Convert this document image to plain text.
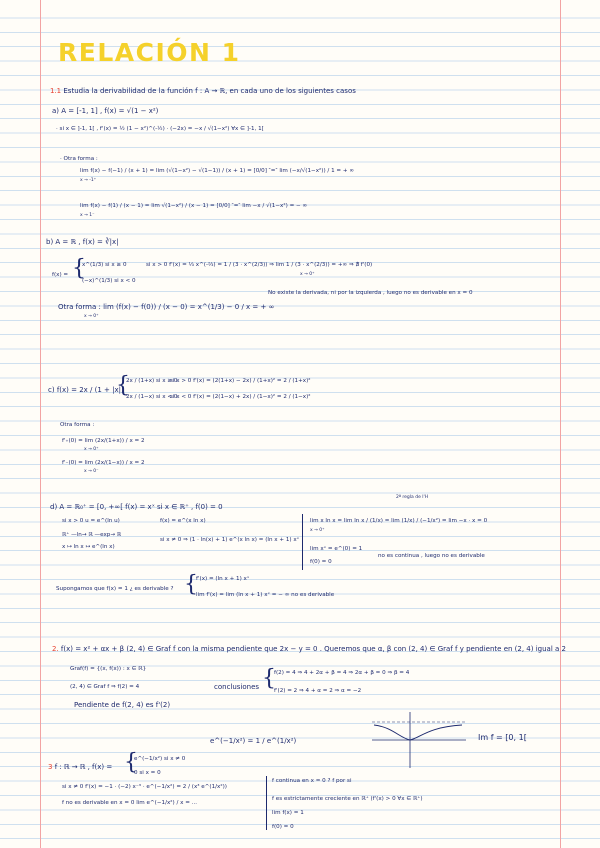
RELACIÓN 1
1.1 Estudia la derivabilidad de la función f : A → ℝ, en cada uno de los siguientes casos
a) A = [-1, 1] , f(x) = √(1 − x²)
· si x ∈ ]-1, 1[ , f'(x) = ½ (1 − x²)^(-½) · (−2x) = −x / √(1−x²) ∀x ∈ ]-1, 1[
· Otra forma :
lim f(x) − f(−1) / (x + 1) = lim (√(1−x²) − √(1−1)) / (x + 1) = [0/0] ″=″ lim (−x/√(1−x²)) / 1 = + ∞
x → -1⁺
lim f(x) − f(1) / (x − 1) = lim √(1−x²) / (x − 1) = [0/0] ″=″ lim −x / √(1−x²) = − ∞
x → 1⁻
b) A = ℝ , f(x) = ∛|x|
f(x) = {
x^(1/3) si x ≥ 0
(−x)^(1/3) si x < 0
si x > 0 f'(x) = ⅓ x^(-⅔) = 1 / (3 · x^(2/3)) ⇒ lim 1 / (3 · x^(2/3)) = +∞ ⇒ ∄ f'(0)
x → 0⁺
Otra forma : lim (f(x) − f(0)) / (x − 0) = x^(1/3) − 0 / x = + ∞
x → 0⁺
No existe la derivada, ni por la izquierda , luego no es derivable en x = 0
c) f(x) = 2x / (1 + |x|)
{
2x / (1+x) si x ≥ 0
2x / (1−x) si x < 0
si x > 0 f'(x) = (2(1+x) − 2x) / (1+x)² = 2 / (1+x)²
si x < 0 f'(x) = (2(1−x) + 2x) / (1−x)² = 2 / (1−x)²
Otra forma :
f'₊(0) = lim (2x/(1+x)) / x = 2
x → 0⁺
f'₋(0) = lim (2x/(1−x)) / x = 2
x → 0⁻
2ª regla de l'H
d) A = ℝ₀⁺ = [0, +∞[ f(x) = xˣ si x ∈ ℝ⁺ , f(0) = 0
si x > 0 u = e^(ln u)
ℝ⁺ —ln→ ℝ —exp→ ℝ
x ↦ ln x ↦ e^(ln x)
f(x) = e^(x ln x)
si x ≠ 0 ⇒ (1 · ln(x) + 1) e^(x ln x) = (ln x + 1) xˣ
lim x ln x = lim ln x / (1/x) = lim (1/x) / (−1/x²) = lim −x · x = 0
x → 0⁺
lim xˣ = e^(0) = 1
f(0) = 0
no es continua , luego no es derivable
Supongamos que f(x) = 1 ¿ es derivable ? {
f'(x) = (ln x + 1) xˣ
lim f'(x) = lim (ln x + 1) xˣ = − ∞ no es derivable
2. f(x) = x² + αx + β (2, 4) ∈ Graf f con la misma pendiente que 2x − y = 0 . Queremos que α, β con (2, 4) ∈ Graf f y pendiente en (2, 4) igual a 2
Graf(f) = {(x, f(x)) : x ∈ ℝ}
(2, 4) ∈ Graf f ⇒ f(2) = 4
Pendiente de f(2, 4) es f'(2)
conclusiones {
f(2) = 4 ⇒ 4 + 2α + β = 4 ⇒ 2α + β = 0 ⇒ β = 4
f'(2) = 2 ⇒ 4 + α = 2 ⇒ α = −2
e^(−1/x²) = 1 / e^(1/x²)	Im f = [0, 1[
3 f : ℝ → ℝ , f(x) = {
e^(−1/x²) si x ≠ 0
0 si x = 0
si x ≠ 0 f'(x) = −1 · (−2) x⁻³ · e^(−1/x²) = 2 / (x³ e^(1/x²))
f no es derivable en x = 0 lim e^(−1/x²) / x = ...
f continua en x = 0 ? f por si
f es estrictamente creciente en ℝ⁺ (f'(x) > 0 ∀x ∈ ℝ⁺)
lim f(x) = 1
f(0) = 0
